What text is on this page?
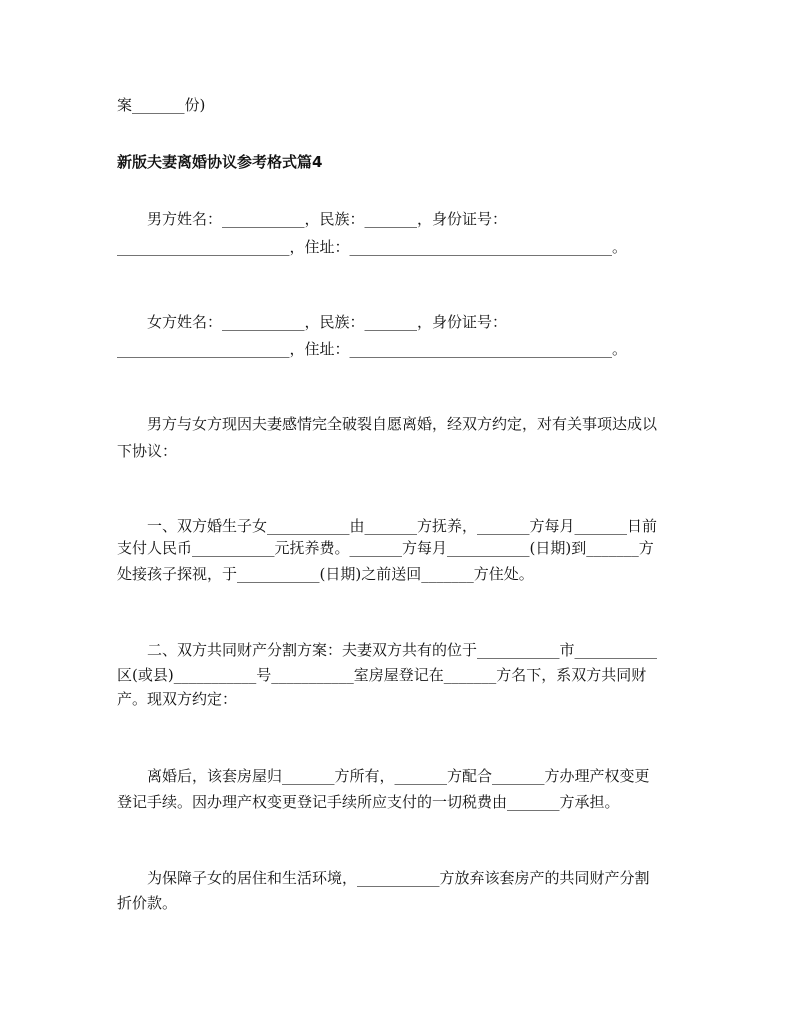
案_______份)
新版夫妻离婚协议参考格式篇4
男方姓名：___________，民族：_______，身份证号：
_______________________，住址：___________________________________。
女方姓名：___________，民族：_______，身份证号：
_______________________，住址：___________________________________。
男方与女方现因夫妻感情完全破裂自愿离婚，经双方约定，对有关事项达成以
下协议：
一、双方婚生子女___________由_______方抚养，_______方每月_______日前
支付人民币___________元抚养费。_______方每月___________(日期)到_______方
处接孩子探视，于___________(日期)之前送回_______方住处。
二、双方共同财产分割方案：夫妻双方共有的位于___________市___________
区(或县)___________号___________室房屋登记在_______方名下，系双方共同财
产。现双方约定：
离婚后，该套房屋归_______方所有，_______方配合_______方办理产权变更
登记手续。因办理产权变更登记手续所应支付的一切税费由_______方承担。
为保障子女的居住和生活环境，___________方放弃该套房产的共同财产分割
折价款。
